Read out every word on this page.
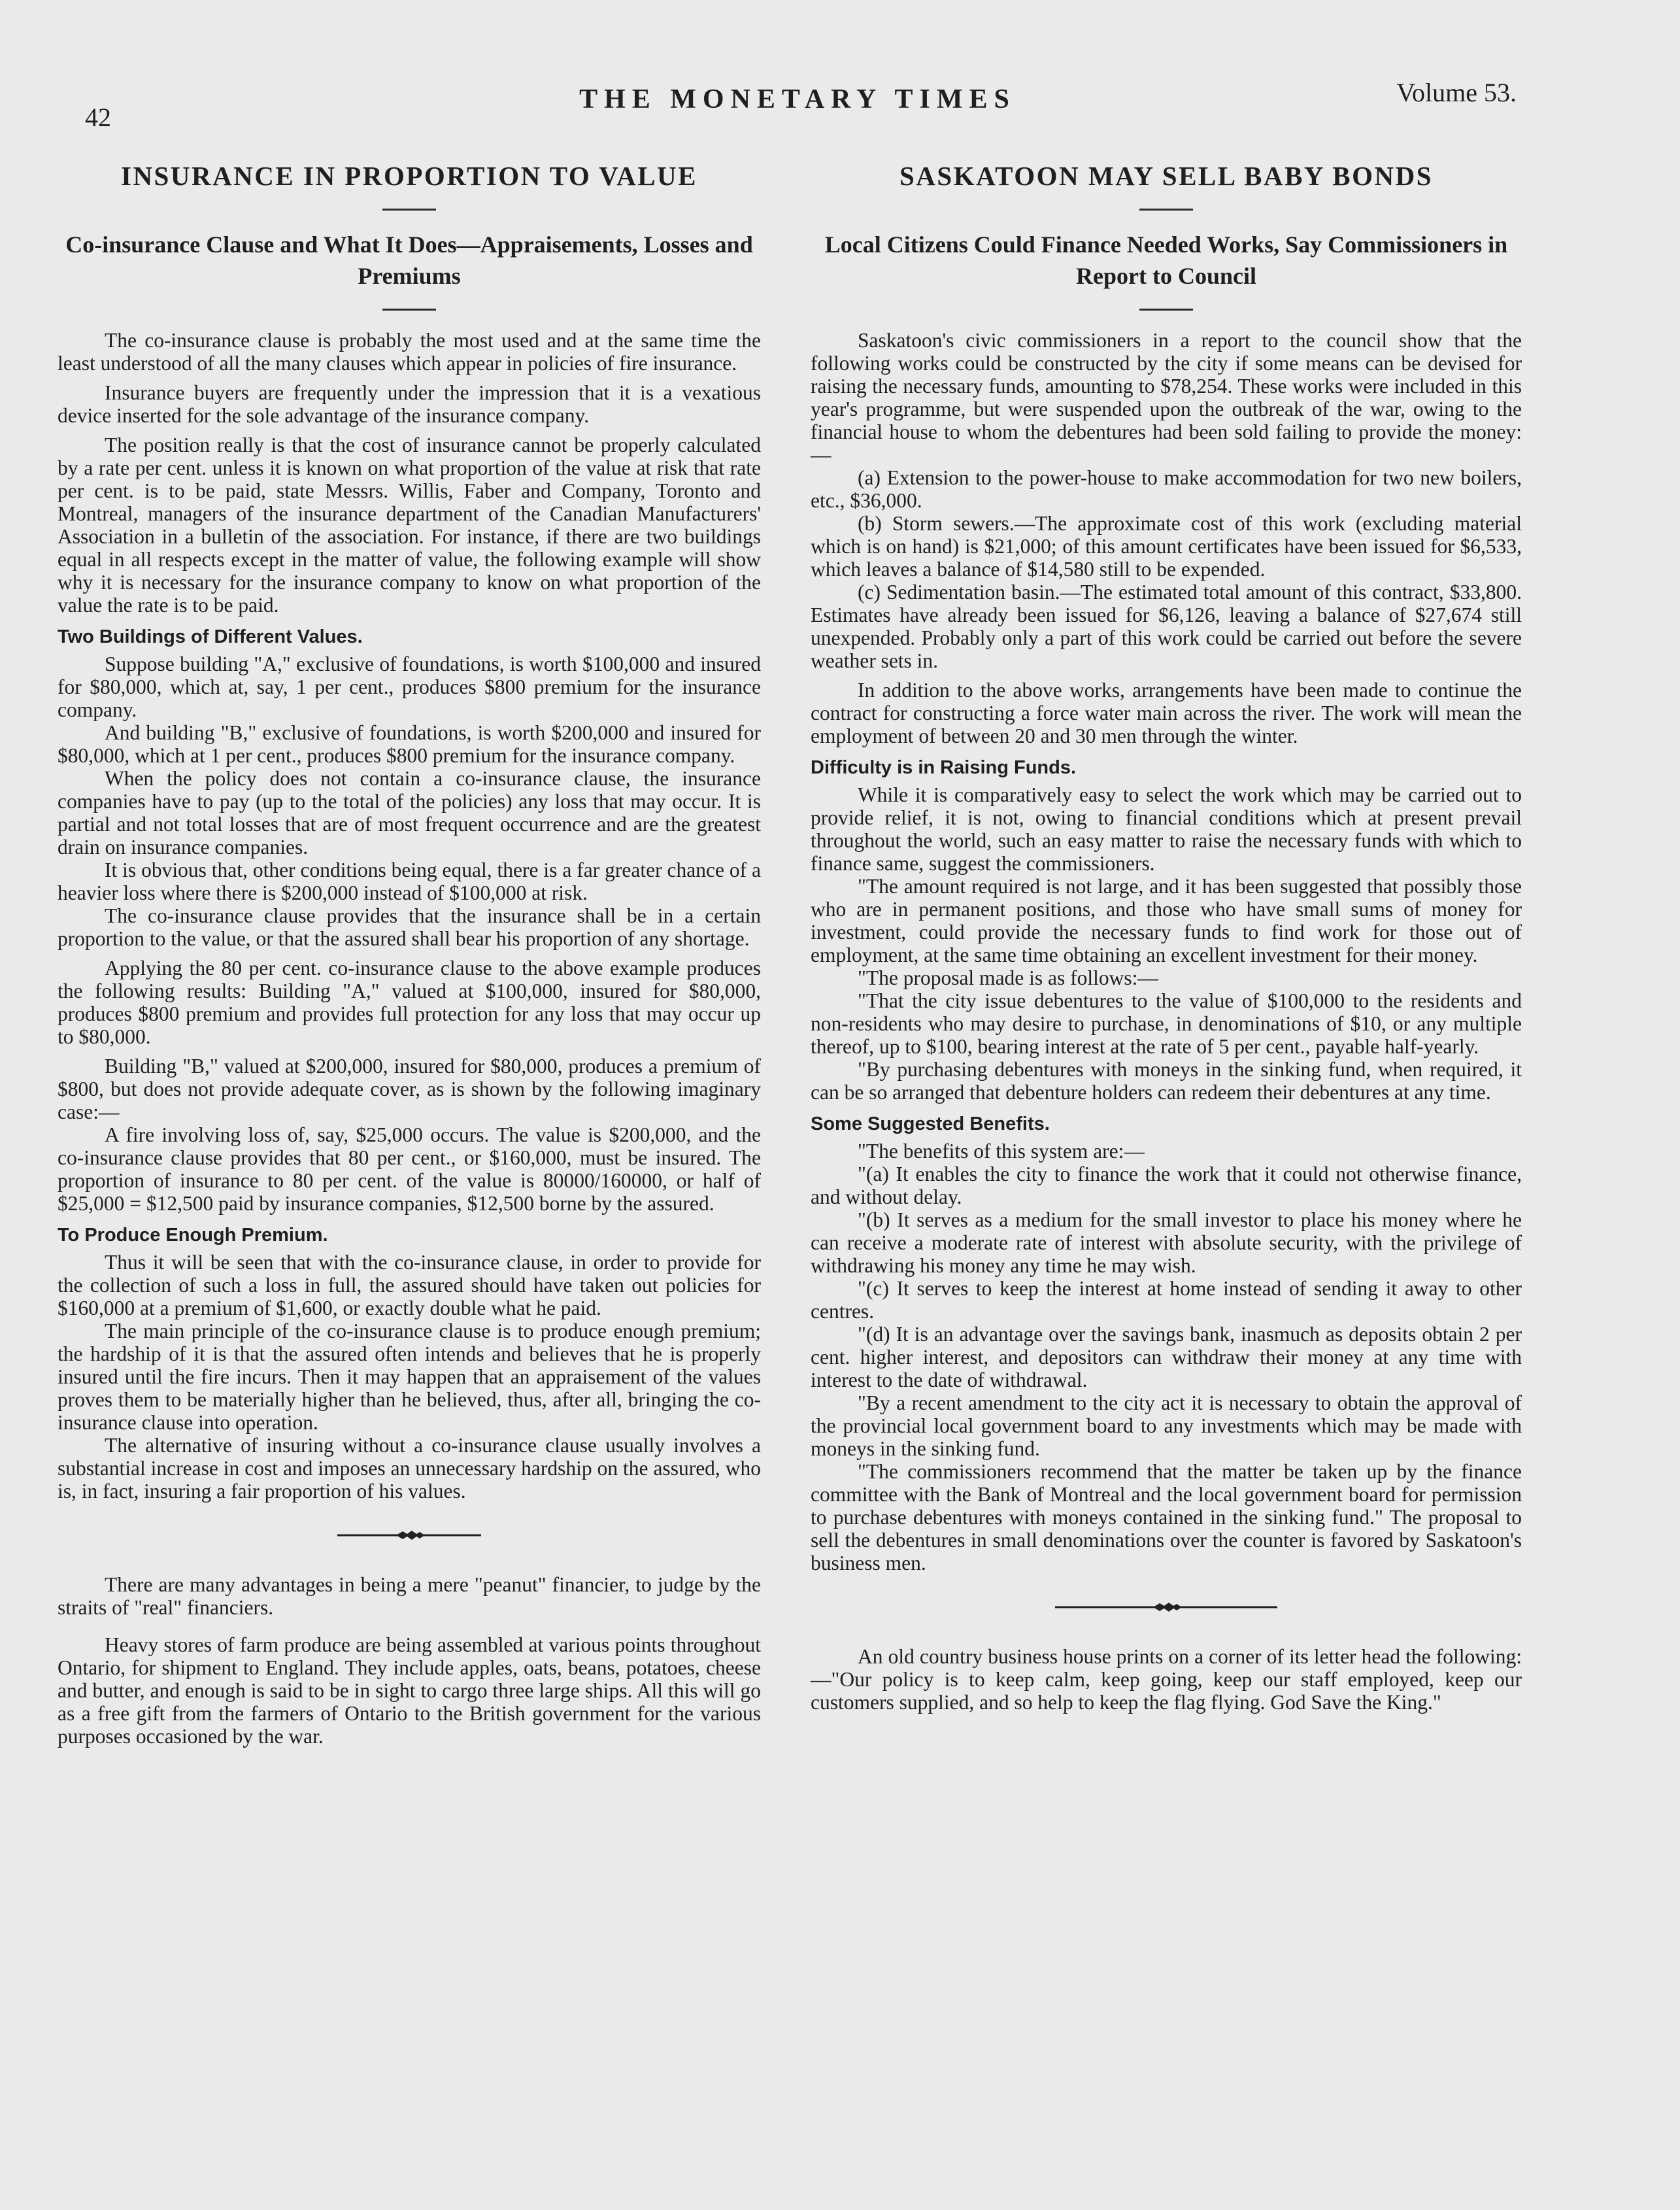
42
THE MONETARY TIMES	Volume 53.
INSURANCE IN PROPORTION TO VALUE
Co-insurance Clause and What It Does—Appraisements, Losses and Premiums

The co-insurance clause is probably the most used and at the same time the least understood of all the many clauses which appear in policies of fire insurance.

Insurance buyers are frequently under the impression that it is a vexatious device inserted for the sole advantage of the insurance company.

The position really is that the cost of insurance cannot be properly calculated by a rate per cent. unless it is known on what proportion of the value at risk that rate per cent. is to be paid, state Messrs. Willis, Faber and Company, Toronto and Montreal, managers of the insurance department of the Canadian Manufacturers' Association in a bulletin of the association. For instance, if there are two buildings equal in all respects except in the matter of value, the following example will show why it is necessary for the insurance company to know on what proportion of the value the rate is to be paid.

Two Buildings of Different Values.

Suppose building "A," exclusive of foundations, is worth $100,000 and insured for $80,000, which at, say, 1 per cent., produces $800 premium for the insurance company.

And building "B," exclusive of foundations, is worth $200,000 and insured for $80,000, which at 1 per cent., produces $800 premium for the insurance company.

When the policy does not contain a co-insurance clause, the insurance companies have to pay (up to the total of the policies) any loss that may occur. It is partial and not total losses that are of most frequent occurrence and are the greatest drain on insurance companies.

It is obvious that, other conditions being equal, there is a far greater chance of a heavier loss where there is $200,000 instead of $100,000 at risk.

The co-insurance clause provides that the insurance shall be in a certain proportion to the value, or that the assured shall bear his proportion of any shortage.

Applying the 80 per cent. co-insurance clause to the above example produces the following results: Building "A," valued at $100,000, insured for $80,000, produces $800 premium and provides full protection for any loss that may occur up to $80,000.

Building "B," valued at $200,000, insured for $80,000, produces a premium of $800, but does not provide adequate cover, as is shown by the following imaginary case:—

A fire involving loss of, say, $25,000 occurs. The value is $200,000, and the co-insurance clause provides that 80 per cent., or $160,000, must be insured. The proportion of insurance to 80 per cent. of the value is 80000/160000, or half of $25,000 = $12,500 paid by insurance companies, $12,500 borne by the assured.

To Produce Enough Premium.

Thus it will be seen that with the co-insurance clause, in order to provide for the collection of such a loss in full, the assured should have taken out policies for $160,000 at a premium of $1,600, or exactly double what he paid.

The main principle of the co-insurance clause is to produce enough premium; the hardship of it is that the assured often intends and believes that he is properly insured until the fire incurs. Then it may happen that an appraisement of the values proves them to be materially higher than he believed, thus, after all, bringing the co-insurance clause into operation.

The alternative of insuring without a co-insurance clause usually involves a substantial increase in cost and imposes an unnecessary hardship on the assured, who is, in fact, insuring a fair proportion of his values.

There are many advantages in being a mere "peanut" financier, to judge by the straits of "real" financiers.

Heavy stores of farm produce are being assembled at various points throughout Ontario, for shipment to England. They include apples, oats, beans, potatoes, cheese and butter, and enough is said to be in sight to cargo three large ships. All this will go as a free gift from the farmers of Ontario to the British government for the various purposes occasioned by the war.

SASKATOON MAY SELL BABY BONDS
Local Citizens Could Finance Needed Works, Say Commissioners in Report to Council

Saskatoon's civic commissioners in a report to the council show that the following works could be constructed by the city if some means can be devised for raising the necessary funds, amounting to $78,254. These works were included in this year's programme, but were suspended upon the outbreak of the war, owing to the financial house to whom the debentures had been sold failing to provide the money:—

(a) Extension to the power-house to make accommodation for two new boilers, etc., $36,000.

(b) Storm sewers.—The approximate cost of this work (excluding material which is on hand) is $21,000; of this amount certificates have been issued for $6,533, which leaves a balance of $14,580 still to be expended.

(c) Sedimentation basin.—The estimated total amount of this contract, $33,800. Estimates have already been issued for $6,126, leaving a balance of $27,674 still unexpended. Probably only a part of this work could be carried out before the severe weather sets in.

In addition to the above works, arrangements have been made to continue the contract for constructing a force water main across the river. The work will mean the employment of between 20 and 30 men through the winter.

Difficulty is in Raising Funds.

While it is comparatively easy to select the work which may be carried out to provide relief, it is not, owing to financial conditions which at present prevail throughout the world, such an easy matter to raise the necessary funds with which to finance same, suggest the commissioners.

"The amount required is not large, and it has been suggested that possibly those who are in permanent positions, and those who have small sums of money for investment, could provide the necessary funds to find work for those out of employment, at the same time obtaining an excellent investment for their money.

"The proposal made is as follows:—

"That the city issue debentures to the value of $100,000 to the residents and non-residents who may desire to purchase, in denominations of $10, or any multiple thereof, up to $100, bearing interest at the rate of 5 per cent., payable half-yearly.

"By purchasing debentures with moneys in the sinking fund, when required, it can be so arranged that debenture holders can redeem their debentures at any time.

Some Suggested Benefits.

"The benefits of this system are:—

"(a) It enables the city to finance the work that it could not otherwise finance, and without delay.

"(b) It serves as a medium for the small investor to place his money where he can receive a moderate rate of interest with absolute security, with the privilege of withdrawing his money any time he may wish.

"(c) It serves to keep the interest at home instead of sending it away to other centres.

"(d) It is an advantage over the savings bank, inasmuch as deposits obtain 2 per cent. higher interest, and depositors can withdraw their money at any time with interest to the date of withdrawal.

"By a recent amendment to the city act it is necessary to obtain the approval of the provincial local government board to any investments which may be made with moneys in the sinking fund.

"The commissioners recommend that the matter be taken up by the finance committee with the Bank of Montreal and the local government board for permission to purchase debentures with moneys contained in the sinking fund." The proposal to sell the debentures in small denominations over the counter is favored by Saskatoon's business men.

An old country business house prints on a corner of its letter head the following:—"Our policy is to keep calm, keep going, keep our staff employed, keep our customers supplied, and so help to keep the flag flying. God Save the King."
